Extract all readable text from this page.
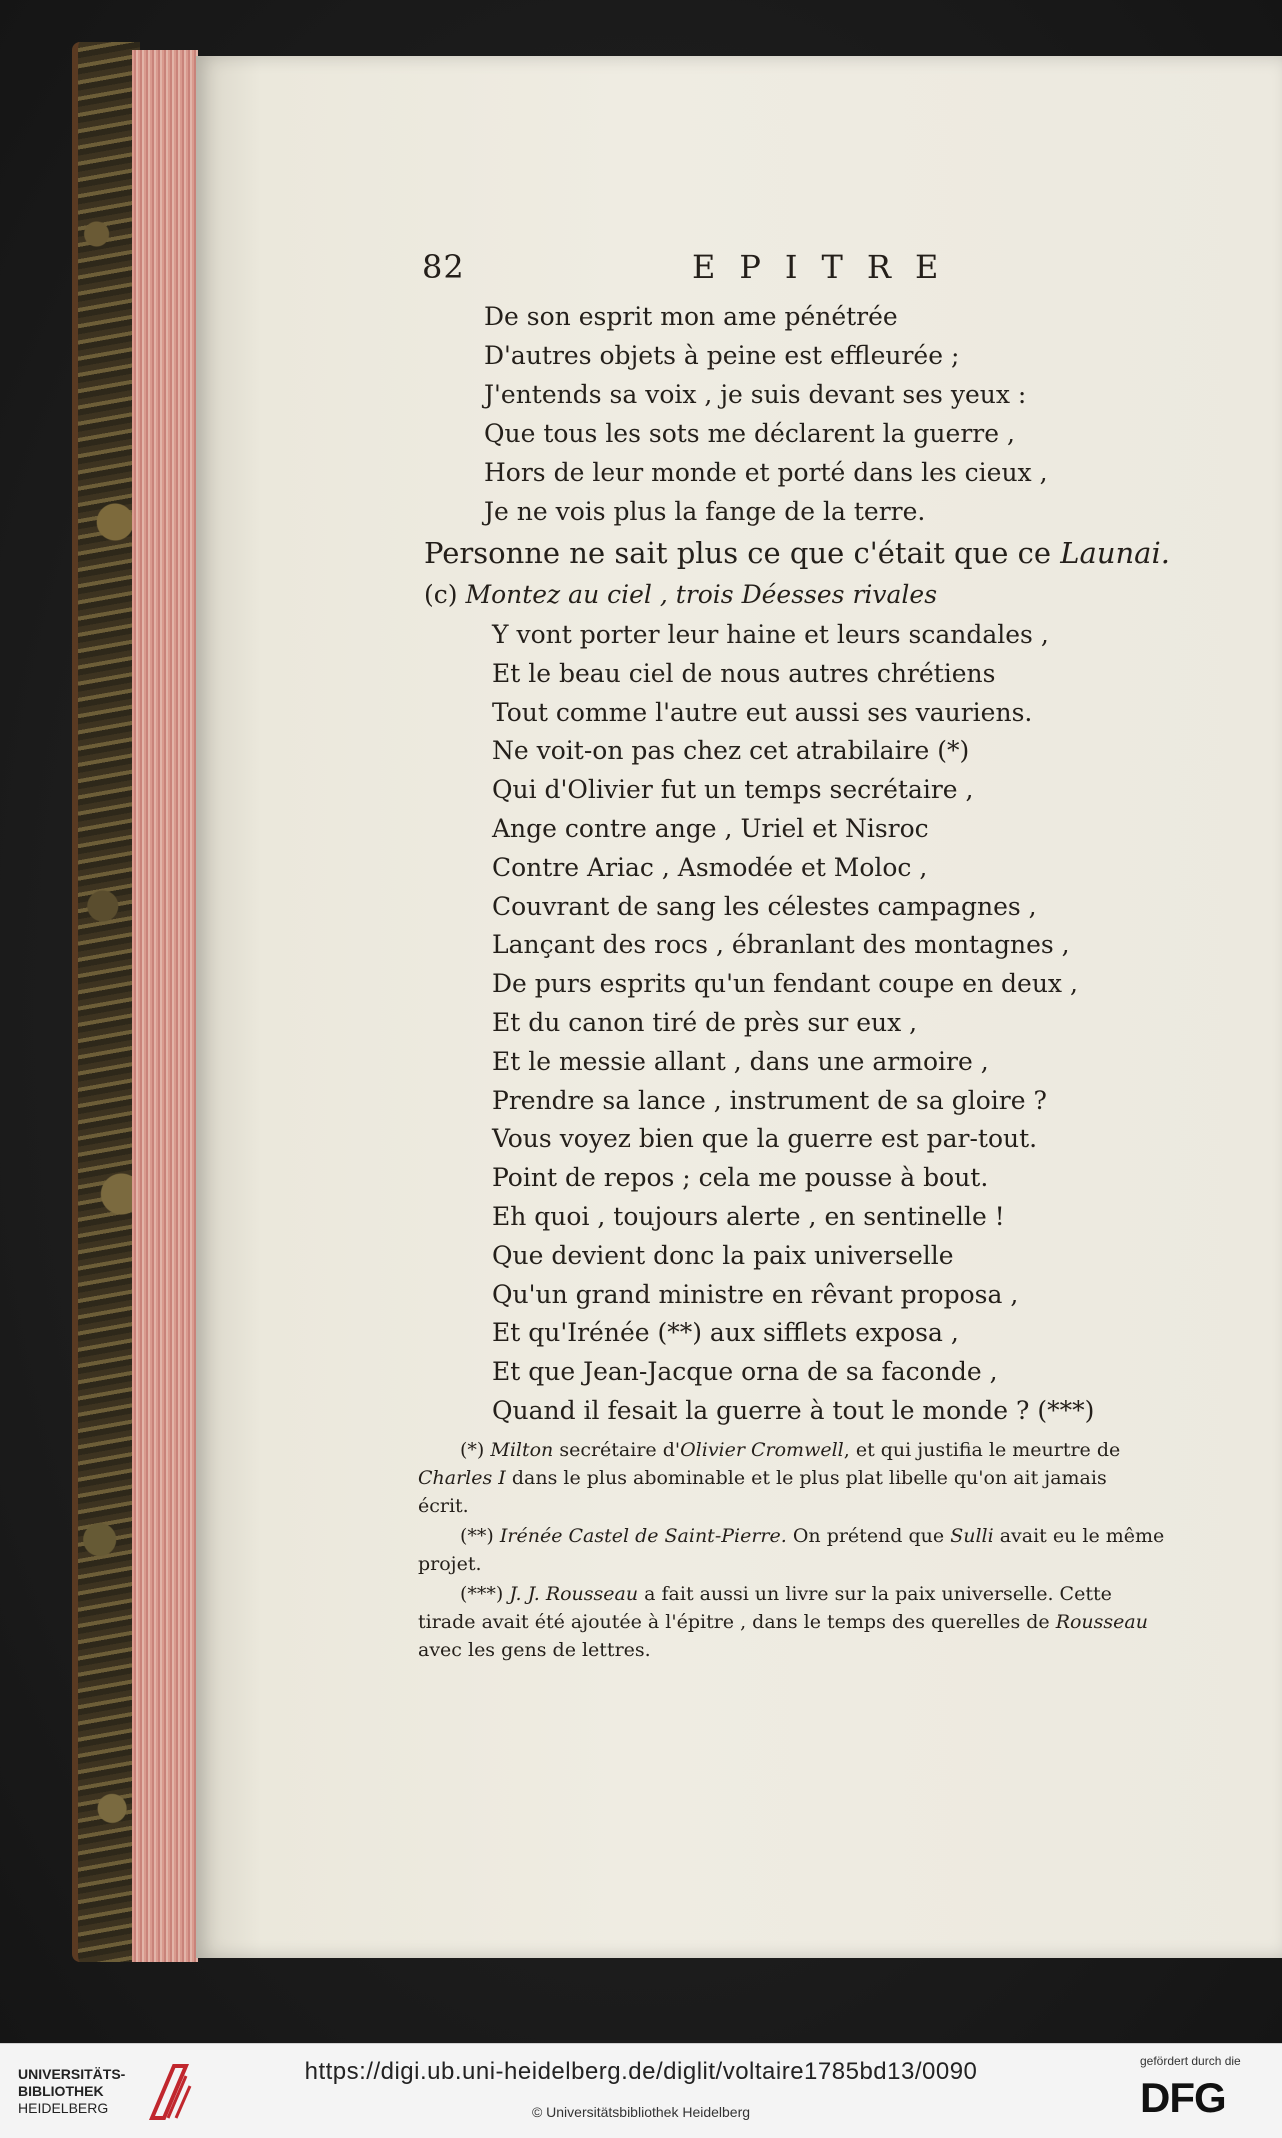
82	EPITRE
De son esprit mon ame pénétrée
D'autres objets à peine est effleurée ;
J'entends sa voix , je suis devant ses yeux :
Que tous les sots me déclarent la guerre ,
Hors de leur monde et porté dans les cieux ,
Je ne vois plus la fange de la terre.
Personne ne sait plus ce que c'était que ce Launai.
(c) Montez au ciel , trois Déesses rivales
Y vont porter leur haine et leurs scandales ,
Et le beau ciel de nous autres chrétiens
Tout comme l'autre eut aussi ses vauriens.
Ne voit-on pas chez cet atrabilaire (*)
Qui d'Olivier fut un temps secrétaire ,
Ange contre ange , Uriel et Nisroc
Contre Ariac , Asmodée et Moloc ,
Couvrant de sang les célestes campagnes ,
Lançant des rocs , ébranlant des montagnes ,
De purs esprits qu'un fendant coupe en deux ,
Et du canon tiré de près sur eux ,
Et le messie allant , dans une armoire ,
Prendre sa lance , instrument de sa gloire ?
Vous voyez bien que la guerre est par-tout.
Point de repos ; cela me pousse à bout.
Eh quoi , toujours alerte , en sentinelle !
Que devient donc la paix universelle
Qu'un grand ministre en rêvant proposa ,
Et qu'Irénée (**) aux sifflets exposa ,
Et que Jean-Jacque orna de sa faconde ,
Quand il fesait la guerre à tout le monde ? (***)
(*) Milton secrétaire d'Olivier Cromwell, et qui justifia le meurtre de
Charles I dans le plus abominable et le plus plat libelle qu'on ait jamais
écrit.
(**) Irénée Castel de Saint-Pierre. On prétend que Sulli avait eu le même
projet.
(***) J. J. Rousseau a fait aussi un livre sur la paix universelle. Cette
tirade avait été ajoutée à l'épitre , dans le temps des querelles de Rousseau
avec les gens de lettres.
UNIVERSITÄTS-
BIBLIOTHEK
HEIDELBERG
https://digi.ub.uni-heidelberg.de/diglit/voltaire1785bd13/0090
© Universitätsbibliothek Heidelberg
gefördert durch die
DFG
